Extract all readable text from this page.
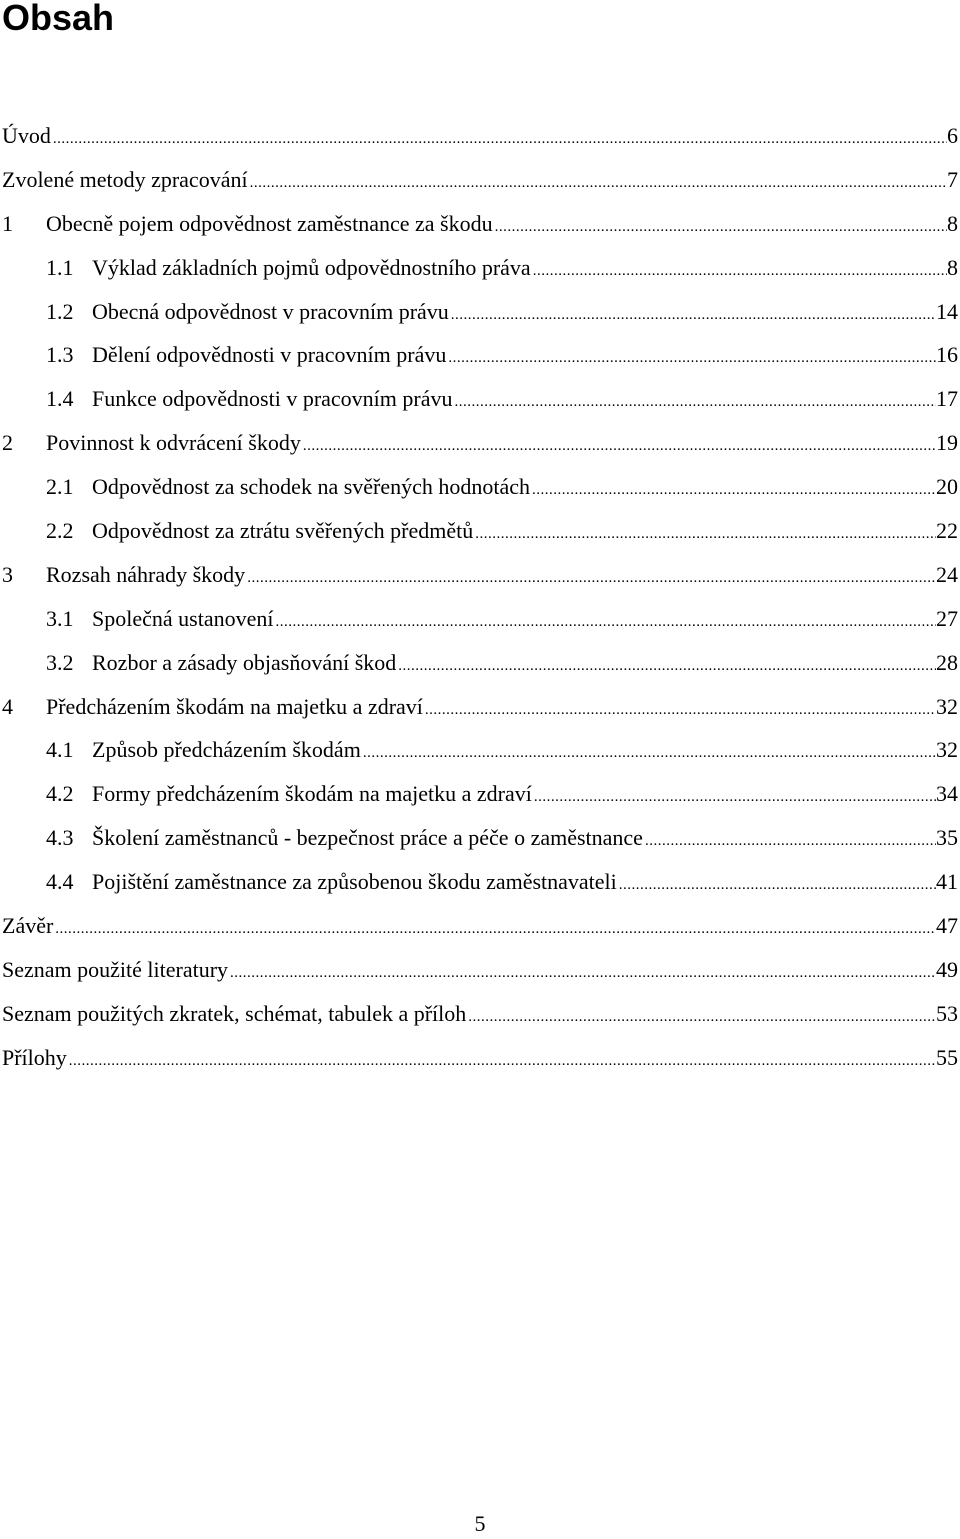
Obsah
Úvod .....	6
Zvolené metody zpracování .....	7
1	Obecně pojem odpovědnost zaměstnance za škodu .....	8
1.1 Výklad základních pojmů odpovědnostního práva .....	8
1.2 Obecná odpovědnost v pracovním právu .....	14
1.3 Dělení odpovědnosti v pracovním právu .....	16
1.4 Funkce odpovědnosti v pracovním právu .....	17
2	Povinnost k odvrácení škody .....	19
2.1 Odpovědnost za schodek na svěřených hodnotách .....	20
2.2 Odpovědnost za ztrátu svěřených předmětů .....	22
3	Rozsah náhrady škody .....	24
3.1 Společná ustanovení .....	27
3.2 Rozbor a zásady objasňování škod .....	28
4	Předcházením škodám na majetku a zdraví .....	32
4.1 Způsob předcházením škodám .....	32
4.2 Formy předcházením škodám na majetku a zdraví .....	34
4.3 Školení zaměstnanců - bezpečnost práce a péče o zaměstnance .....	35
4.4 Pojištění zaměstnance za způsobenou škodu zaměstnavateli .....	41
Závěr .....	47
Seznam použité literatury .....	49
Seznam použitých zkratek, schémat, tabulek a příloh .....	53
Přílohy .....	55
5
